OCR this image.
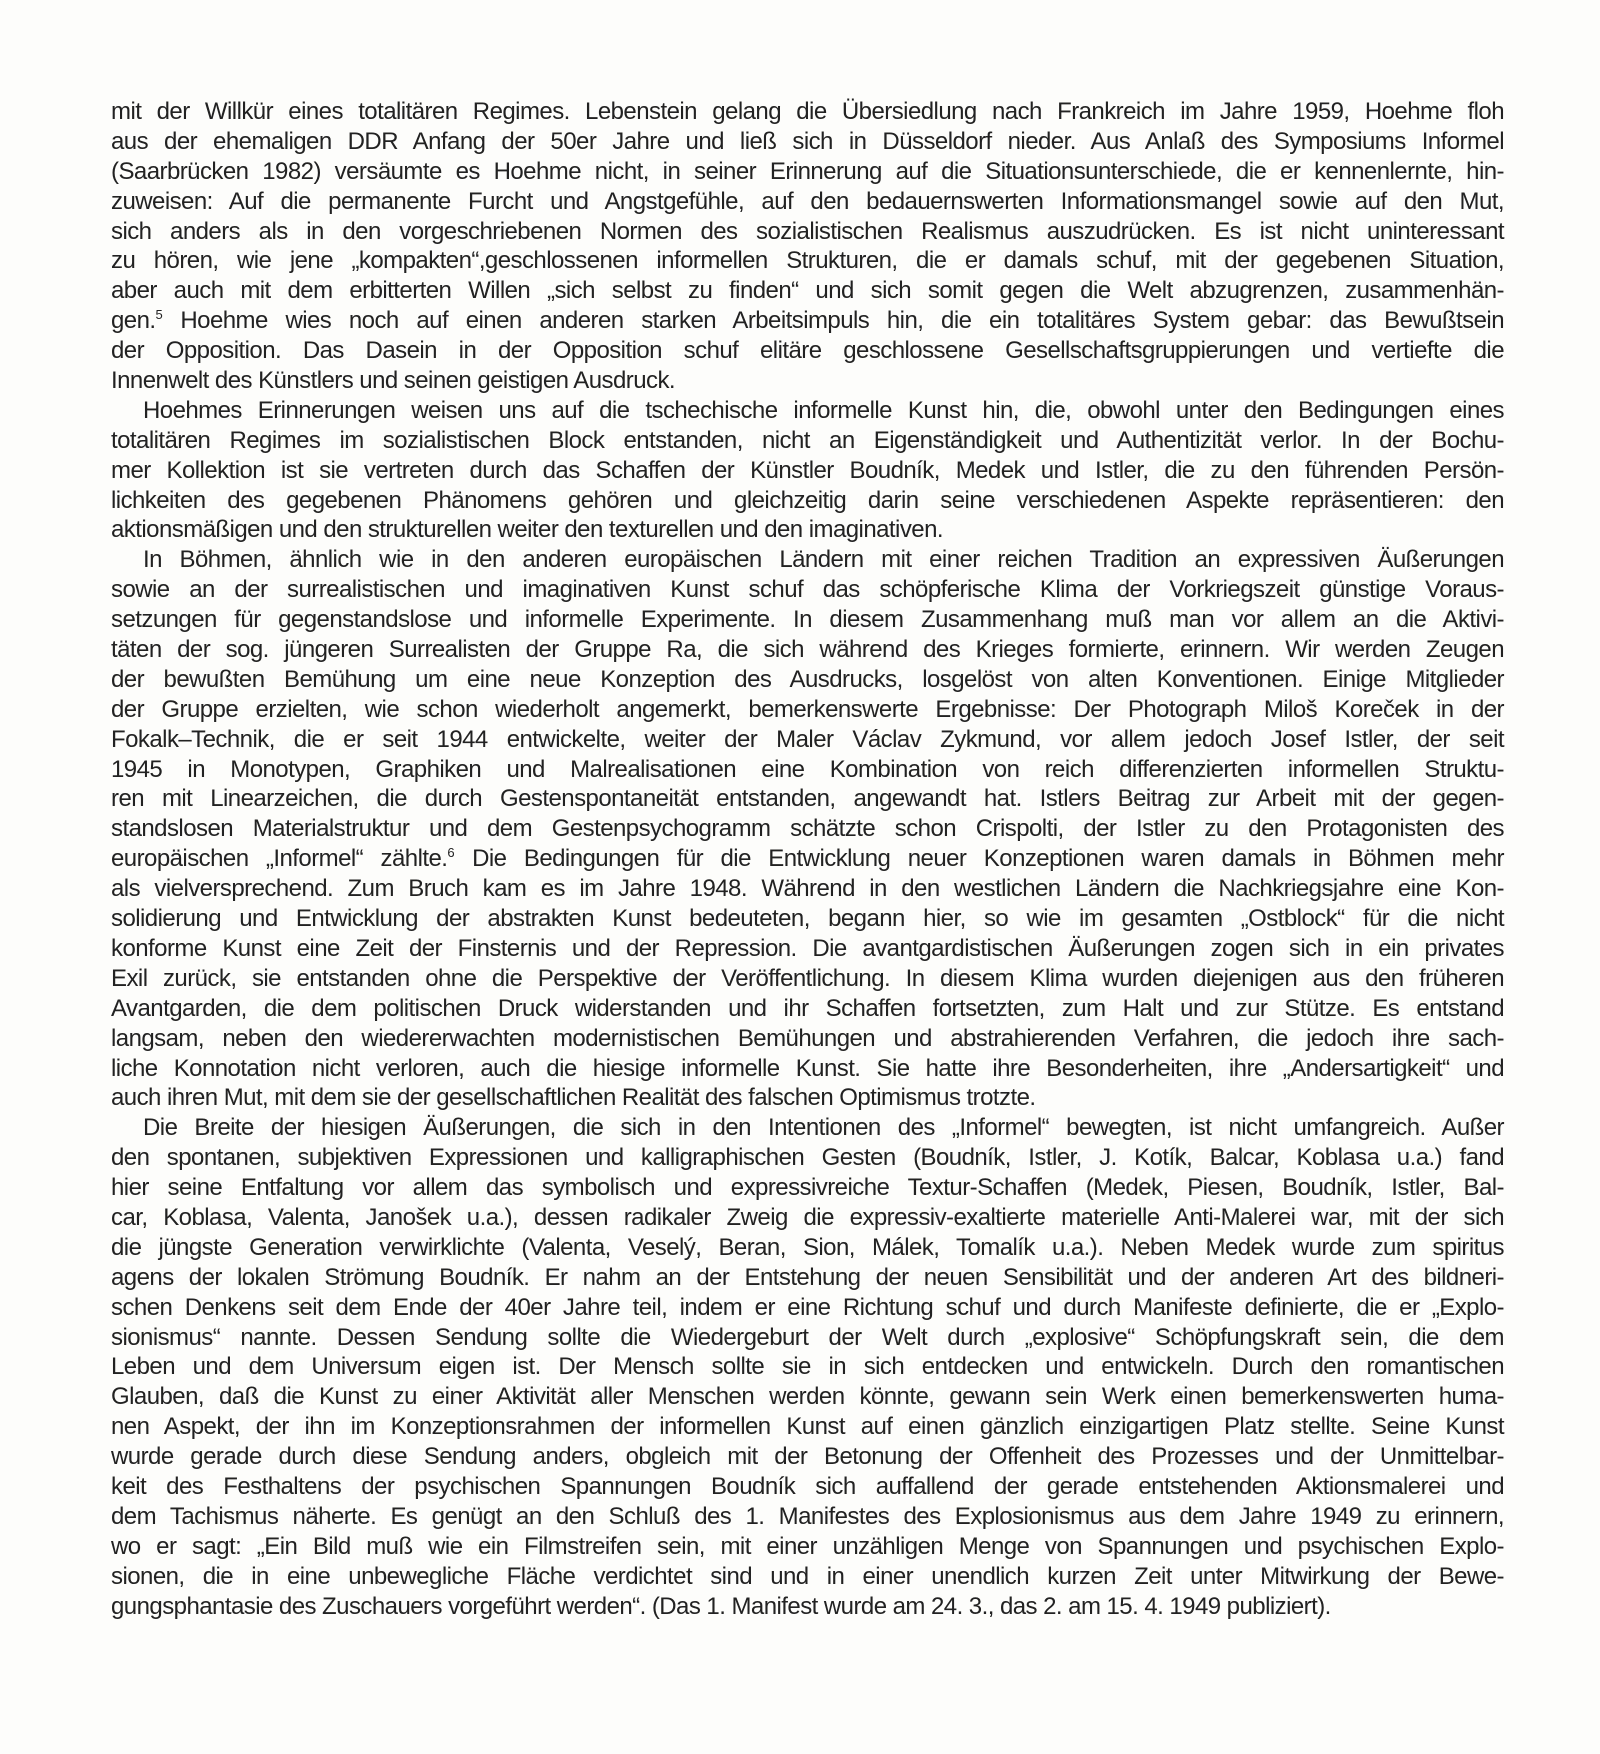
mit der Willkür eines totalitären Regimes. Lebenstein gelang die Übersiedlung nach Frankreich im Jahre 1959, Hoehme floh
aus der ehemaligen DDR Anfang der 50er Jahre und ließ sich in Düsseldorf nieder. Aus Anlaß des Symposiums Informel
(Saarbrücken 1982) versäumte es Hoehme nicht, in seiner Erinnerung auf die Situationsunterschiede, die er kennenlernte, hin-
zuweisen: Auf die permanente Furcht und Angstgefühle, auf den bedauernswerten Informationsmangel sowie auf den Mut,
sich anders als in den vorgeschriebenen Normen des sozialistischen Realismus auszudrücken. Es ist nicht uninteressant
zu hören, wie jene „kompakten“,geschlossenen informellen Strukturen, die er damals schuf, mit der gegebenen Situation,
aber auch mit dem erbitterten Willen „sich selbst zu finden“ und sich somit gegen die Welt abzugrenzen, zusammenhän-
gen.$^5$ Hoehme wies noch auf einen anderen starken Arbeitsimpuls hin, die ein totalitäres System gebar: das Bewußtsein
der Opposition. Das Dasein in der Opposition schuf elitäre geschlossene Gesellschaftsgruppierungen und vertiefte die
Innenwelt des Künstlers und seinen geistigen Ausdruck.
Hoehmes Erinnerungen weisen uns auf die tschechische informelle Kunst hin, die, obwohl unter den Bedingungen eines
totalitären Regimes im sozialistischen Block entstanden, nicht an Eigenständigkeit und Authentizität verlor. In der Bochu-
mer Kollektion ist sie vertreten durch das Schaffen der Künstler Boudník, Medek und Istler, die zu den führenden Persön-
lichkeiten des gegebenen Phänomens gehören und gleichzeitig darin seine verschiedenen Aspekte repräsentieren: den
aktionsmäßigen und den strukturellen weiter den texturellen und den imaginativen.
In Böhmen, ähnlich wie in den anderen europäischen Ländern mit einer reichen Tradition an expressiven Äußerungen
sowie an der surrealistischen und imaginativen Kunst schuf das schöpferische Klima der Vorkriegszeit günstige Voraus-
setzungen für gegenstandslose und informelle Experimente. In diesem Zusammenhang muß man vor allem an die Aktivi-
täten der sog. jüngeren Surrealisten der Gruppe Ra, die sich während des Krieges formierte, erinnern. Wir werden Zeugen
der bewußten Bemühung um eine neue Konzeption des Ausdrucks, losgelöst von alten Konventionen. Einige Mitglieder
der Gruppe erzielten, wie schon wiederholt angemerkt, bemerkenswerte Ergebnisse: Der Photograph Miloš Koreček in der
Fokalk–Technik, die er seit 1944 entwickelte, weiter der Maler Václav Zykmund, vor allem jedoch Josef Istler, der seit
1945 in Monotypen, Graphiken und Malrealisationen eine Kombination von reich differenzierten informellen Struktu-
ren mit Linearzeichen, die durch Gestenspontaneität entstanden, angewandt hat. Istlers Beitrag zur Arbeit mit der gegen-
standslosen Materialstruktur und dem Gestenpsychogramm schätzte schon Crispolti, der Istler zu den Protagonisten des
europäischen „Informel“ zählte.$^6$ Die Bedingungen für die Entwicklung neuer Konzeptionen waren damals in Böhmen mehr
als vielversprechend. Zum Bruch kam es im Jahre 1948. Während in den westlichen Ländern die Nachkriegsjahre eine Kon-
solidierung und Entwicklung der abstrakten Kunst bedeuteten, begann hier, so wie im gesamten „Ostblock“ für die nicht
konforme Kunst eine Zeit der Finsternis und der Repression. Die avantgardistischen Äußerungen zogen sich in ein privates
Exil zurück, sie entstanden ohne die Perspektive der Veröffentlichung. In diesem Klima wurden diejenigen aus den früheren
Avantgarden, die dem politischen Druck widerstanden und ihr Schaffen fortsetzten, zum Halt und zur Stütze. Es entstand
langsam, neben den wiedererwachten modernistischen Bemühungen und abstrahierenden Verfahren, die jedoch ihre sach-
liche Konnotation nicht verloren, auch die hiesige informelle Kunst. Sie hatte ihre Besonderheiten, ihre „Andersartigkeit“ und
auch ihren Mut, mit dem sie der gesellschaftlichen Realität des falschen Optimismus trotzte.
Die Breite der hiesigen Äußerungen, die sich in den Intentionen des „Informel“ bewegten, ist nicht umfangreich. Außer
den spontanen, subjektiven Expressionen und kalligraphischen Gesten (Boudník, Istler, J. Kotík, Balcar, Koblasa u.a.) fand
hier seine Entfaltung vor allem das symbolisch und expressivreiche Textur-Schaffen (Medek, Piesen, Boudník, Istler, Bal-
car, Koblasa, Valenta, Janošek u.a.), dessen radikaler Zweig die expressiv-exaltierte materielle Anti-Malerei war, mit der sich
die jüngste Generation verwirklichte (Valenta, Veselý, Beran, Sion, Málek, Tomalík u.a.). Neben Medek wurde zum spiritus
agens der lokalen Strömung Boudník. Er nahm an der Entstehung der neuen Sensibilität und der anderen Art des bildneri-
schen Denkens seit dem Ende der 40er Jahre teil, indem er eine Richtung schuf und durch Manifeste definierte, die er „Explo-
sionismus“ nannte. Dessen Sendung sollte die Wiedergeburt der Welt durch „explosive“ Schöpfungskraft sein, die dem
Leben und dem Universum eigen ist. Der Mensch sollte sie in sich entdecken und entwickeln. Durch den romantischen
Glauben, daß die Kunst zu einer Aktivität aller Menschen werden könnte, gewann sein Werk einen bemerkenswerten huma-
nen Aspekt, der ihn im Konzeptionsrahmen der informellen Kunst auf einen gänzlich einzigartigen Platz stellte. Seine Kunst
wurde gerade durch diese Sendung anders, obgleich mit der Betonung der Offenheit des Prozesses und der Unmittelbar-
keit des Festhaltens der psychischen Spannungen Boudník sich auffallend der gerade entstehenden Aktionsmalerei und
dem Tachismus näherte. Es genügt an den Schluß des 1. Manifestes des Explosionismus aus dem Jahre 1949 zu erinnern,
wo er sagt: „Ein Bild muß wie ein Filmstreifen sein, mit einer unzähligen Menge von Spannungen und psychischen Explo-
sionen, die in eine unbewegliche Fläche verdichtet sind und in einer unendlich kurzen Zeit unter Mitwirkung der Bewe-
gungsphantasie des Zuschauers vorgeführt werden“. (Das 1. Manifest wurde am 24. 3., das 2. am 15. 4. 1949 publiziert).
